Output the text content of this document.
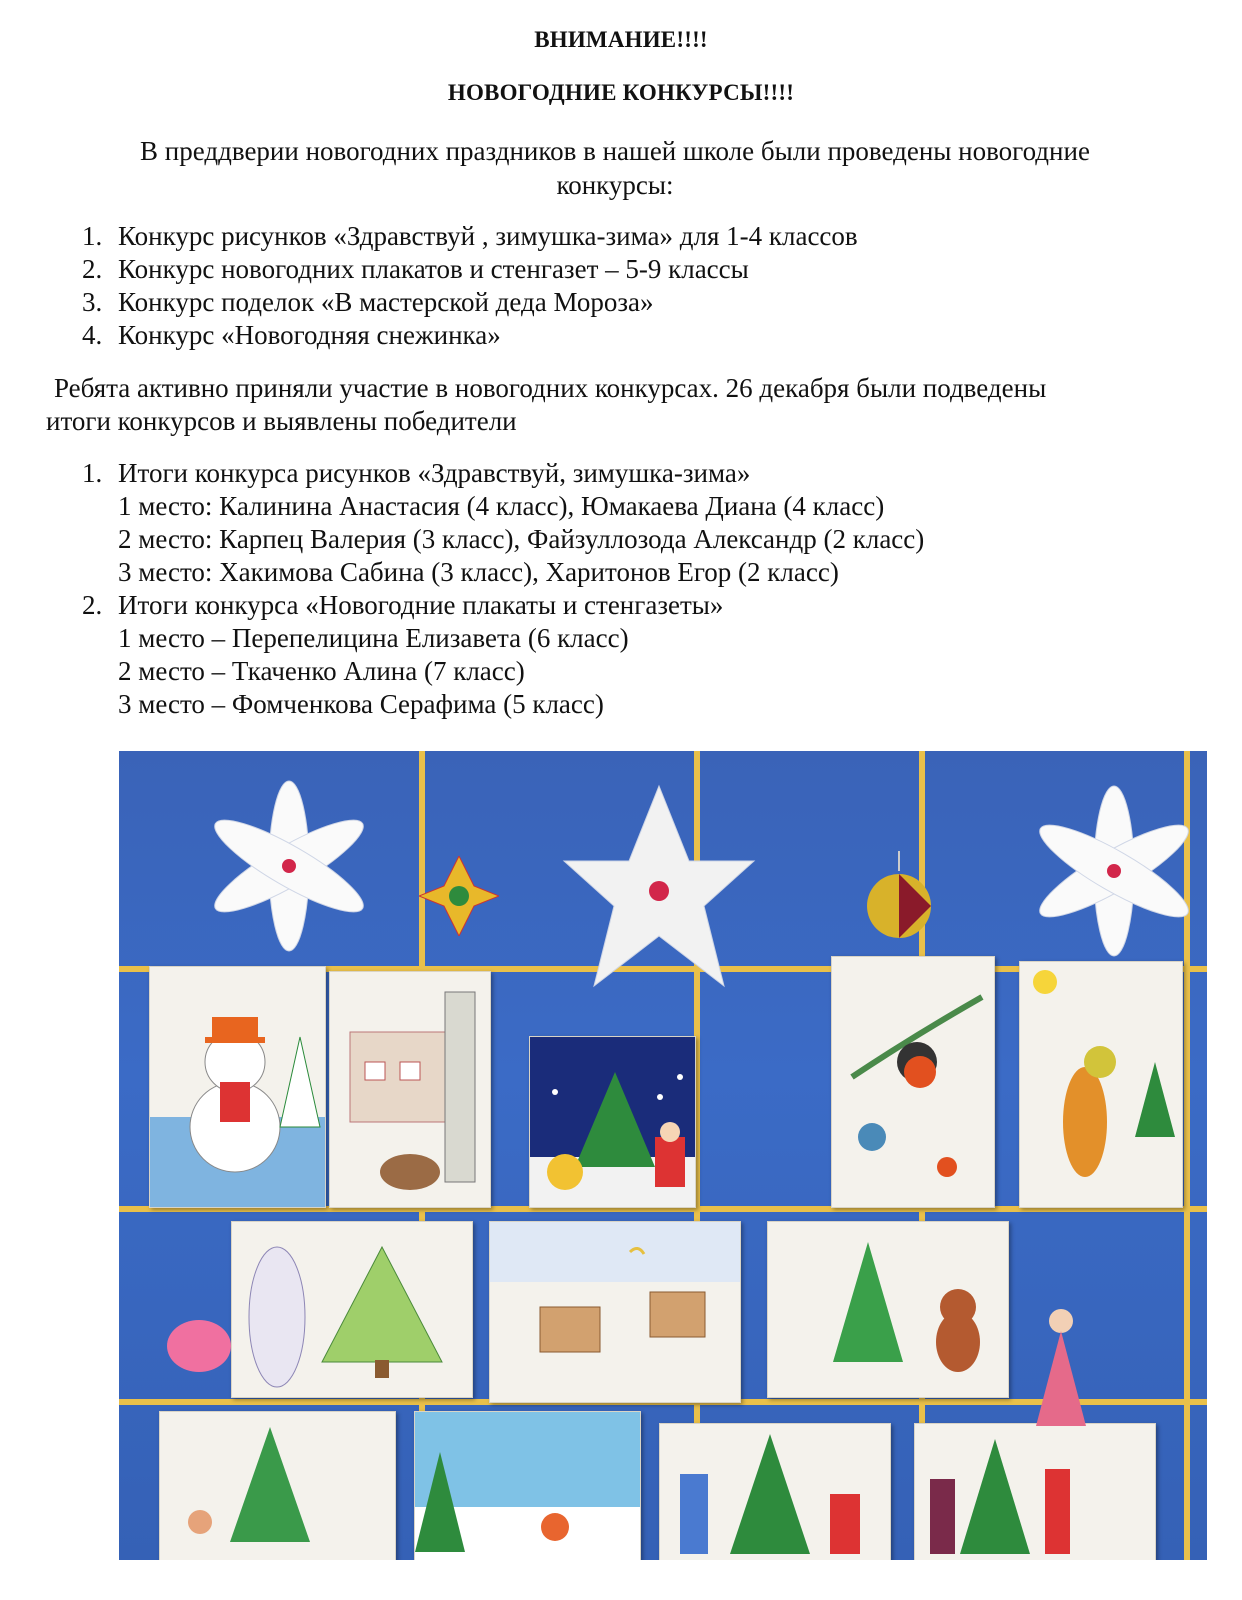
ВНИМАНИЕ!!!!
НОВОГОДНИЕ КОНКУРСЫ!!!!
В преддверии новогодних праздников в нашей школе были проведены новогодние конкурсы:
1. Конкурс рисунков «Здравствуй , зимушка-зима» для 1-4 классов
2. Конкурс новогодних плакатов и стенгазет – 5-9 классы
3. Конкурс поделок «В мастерской деда Мороза»
4. Конкурс «Новогодняя снежинка»
Ребята активно приняли участие в новогодних конкурсах. 26 декабря были подведены
итоги конкурсов и выявлены победители
1. Итоги конкурса рисунков «Здравствуй, зимушка-зима»
1 место: Калинина Анастасия (4 класс), Юмакаева Диана (4 класс)
2 место: Карпец Валерия (3 класс), Файзуллозода Александр (2 класс)
3 место: Хакимова Сабина (3 класс), Харитонов Егор (2 класс)
2. Итоги конкурса «Новогодние плакаты и стенгазеты»
1 место – Перепелицина Елизавета (6 класс)
2 место – Ткаченко Алина (7 класс)
3 место – Фомченкова Серафима (5 класс)
